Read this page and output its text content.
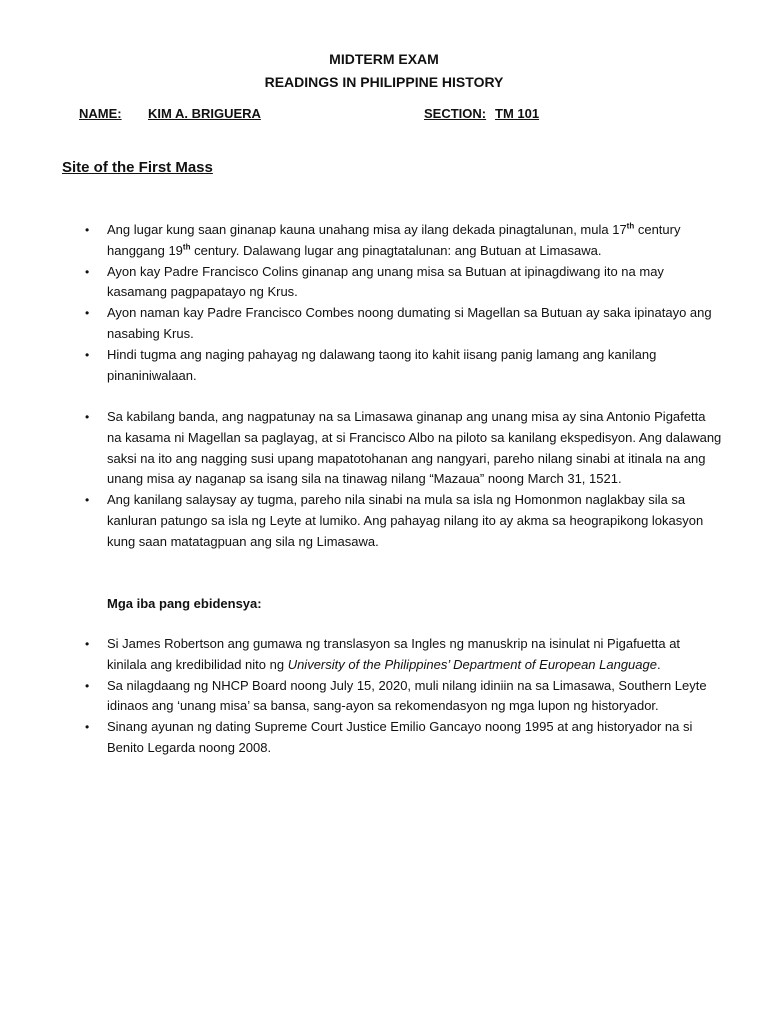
MIDTERM EXAM
READINGS IN PHILIPPINE HISTORY
NAME: KIM A. BRIGUERA	SECTION: TM 101
Site of the First Mass
• Ang lugar kung saan ginanap kauna unahang misa ay ilang dekada pinagtalunan, mula 17th century hanggang 19th century. Dalawang lugar ang pinagtatalunan: ang Butuan at Limasawa.
• Ayon kay Padre Francisco Colins ginanap ang unang misa sa Butuan at ipinagdiwang ito na may kasamang pagpapatayo ng Krus.
• Ayon naman kay Padre Francisco Combes noong dumating si Magellan sa Butuan ay saka ipinatayo ang nasabing Krus.
• Hindi tugma ang naging pahayag ng dalawang taong ito kahit iisang panig lamang ang kanilang pinaniniwalaan.
• Sa kabilang banda, ang nagpatunay na sa Limasawa ginanap ang unang misa ay sina Antonio Pigafetta na kasama ni Magellan sa paglayag, at si Francisco Albo na piloto sa kanilang ekspedisyon. Ang dalawang saksi na ito ang nagging susi upang mapatotohanan ang nangyari, pareho nilang sinabi at itinala na ang unang misa ay naganap sa isang sila na tinawag nilang “Mazaua” noong March 31, 1521.
• Ang kanilang salaysay ay tugma, pareho nila sinabi na mula sa isla ng Homonmon naglakbay sila sa kanluran patungo sa isla ng Leyte at lumiko. Ang pahayag nilang ito ay akma sa heograpikong lokasyon kung saan matatagpuan ang sila ng Limasawa.
Mga iba pang ebidensya:
• Si James Robertson ang gumawa ng translasyon sa Ingles ng manuskrip na isinulat ni Pigafuetta at kinilala ang kredibilidad nito ng University of the Philippines’ Department of European Language.
• Sa nilagdaang ng NHCP Board noong July 15, 2020, muli nilang idiniin na sa Limasawa, Southern Leyte idinaos ang ‘unang misa’ sa bansa, sang-ayon sa rekomendasyon ng mga lupon ng historyador.
• Sinang ayunan ng dating Supreme Court Justice Emilio Gancayo noong 1995 at ang historyador na si Benito Legarda noong 2008.
